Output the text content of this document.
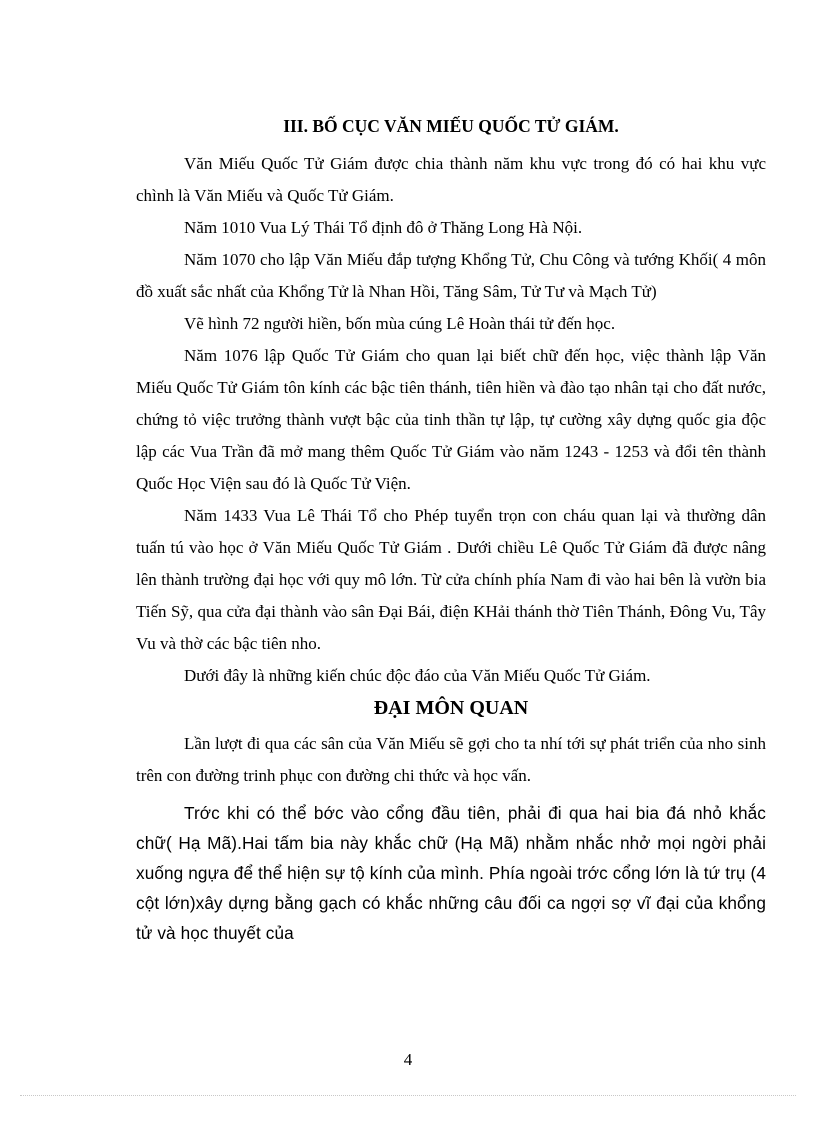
III. BỐ CỤC VĂN MIẾU QUỐC TỬ GIÁM.

Văn Miếu Quốc Tử Giám được chia thành năm khu vực trong đó có hai khu vực chình là Văn Miếu và Quốc Tử Giám.

Năm 1010 Vua Lý Thái Tổ định đô ở Thăng Long Hà Nội.

Năm 1070 cho lập Văn Miếu đắp tượng Khổng Tử, Chu Công và tướng Khối( 4 môn đồ xuất sắc nhất của Khổng Tử là Nhan Hồi, Tăng Sâm, Tử Tư và Mạch Tử)

Vẽ hình 72 người hiền, bốn mùa cúng Lê Hoàn thái tử đến học.

Năm 1076 lập Quốc Tử Giám cho quan lại biết chữ đến học, việc thành lập Văn Miếu Quốc Tử Giám tôn kính các bậc tiên thánh, tiên hiền và đào tạo nhân tại cho đất nước, chứng tỏ việc trưởng thành vượt bậc của tinh thần tự lập, tự cường xây dựng quốc gia độc lập các Vua Trần đã mở mang thêm Quốc Tử Giám vào năm 1243 - 1253 và đổi tên thành Quốc Học Viện sau đó là Quốc Tử Viện.

Năm 1433 Vua Lê Thái Tổ cho Phép tuyển trọn con cháu quan lại và thường dân tuấn tú vào học ở Văn Miếu Quốc Tử Giám . Dưới chiều Lê Quốc Tử Giám đã được nâng lên thành trường đại học với quy mô lớn. Từ cửa chính phía Nam đi vào hai bên là vườn bia Tiến Sỹ, qua cửa đại thành vào sân Đại Bái, điện KHải thánh thờ Tiên Thánh, Đông Vu, Tây Vu và thờ các bậc tiên nho.

Dưới đây là những kiến chúc độc đáo của Văn Miếu Quốc Tử Giám.

ĐẠI MÔN QUAN

Lần lượt đi qua các sân của Văn Miếu sẽ gợi cho ta nhí tới sự phát triển của nho sinh trên con đường trinh phục con đường chi thức và học vấn.

Trớc khi có thể bớc vào cổng đầu tiên, phải đi qua hai bia đá nhỏ khắc chữ( Hạ Mã).Hai tấm bia này khắc chữ (Hạ Mã) nhằm nhắc nhở mọi ngời phải xuống ngựa để thể hiện sự tộ kính của mình. Phía ngoài trớc cổng lớn là tứ trụ (4 cột lớn)xây dựng bằng gạch có khắc những câu đối ca ngợi sợ vĩ đại của khổng tử và học thuyết của

4
